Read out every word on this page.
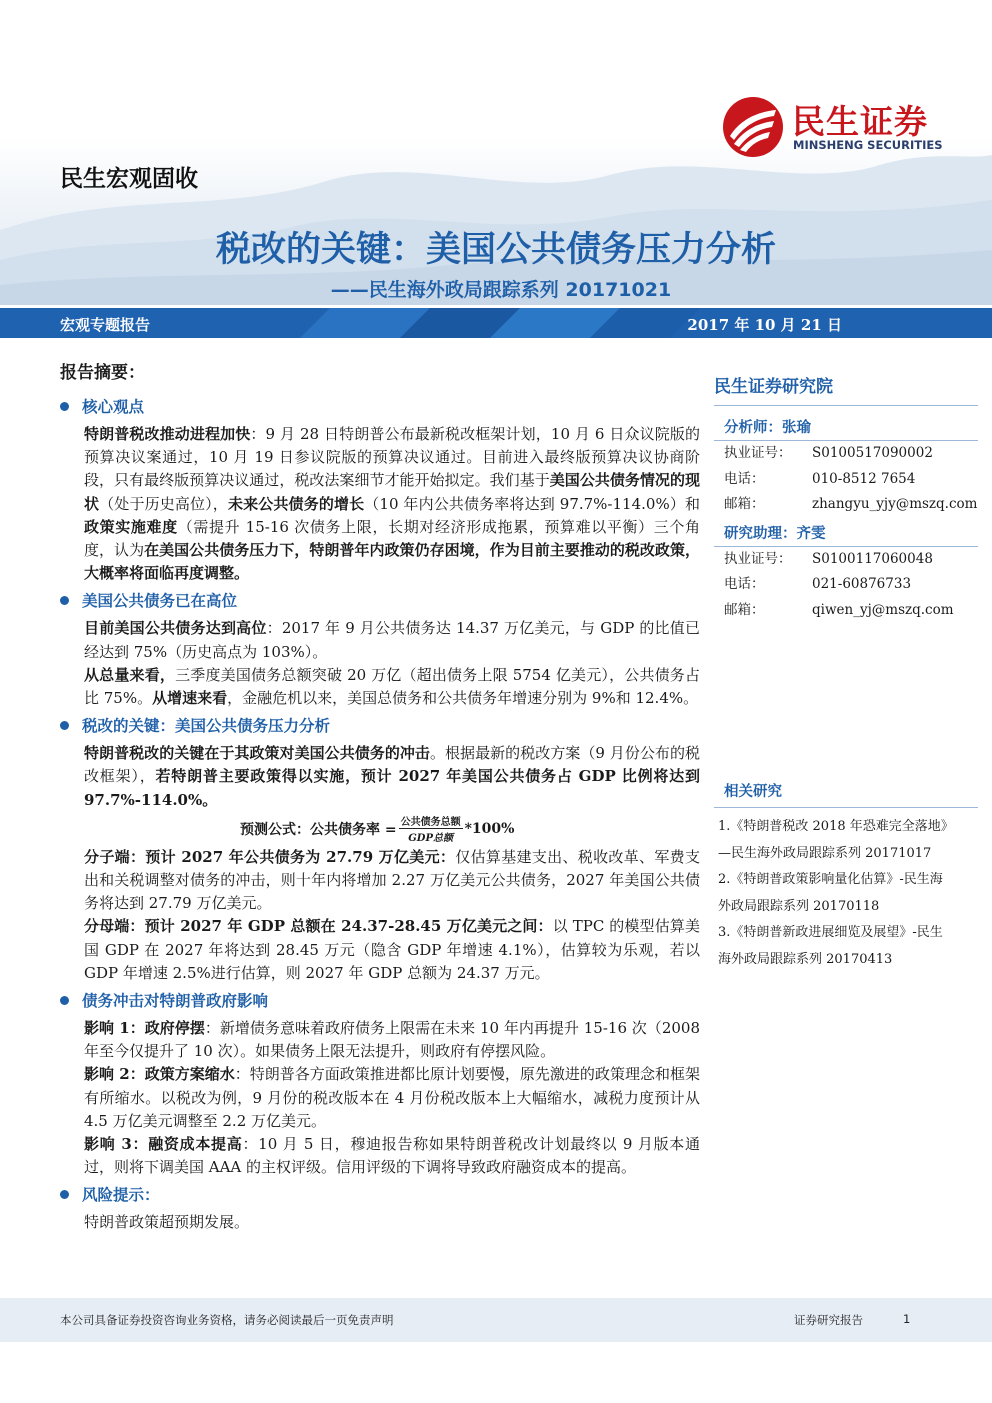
民生证券
MINSHENG SECURITIES
民生宏观固收
税改的关键：美国公共债务压力分析
——民生海外政局跟踪系列 20171021
宏观专题报告	2017 年 10 月 21 日
报告摘要：
核心观点

特朗普税改推动进程加快：9 月 28 日特朗普公布最新税改框架计划，10 月 6 日众议院版的预算决议案通过，10 月 19 日参议院版的预算决议通过。目前进入最终版预算决议协商阶段，只有最终版预算决议通过，税改法案细节才能开始拟定。我们基于美国公共债务情况的现状（处于历史高位），未来公共债务的增长（10 年内公共债务率将达到 97.7%-114.0%）和政策实施难度（需提升 15-16 次债务上限，长期对经济形成拖累，预算难以平衡）三个角度，认为在美国公共债务压力下，特朗普年内政策仍存困境，作为目前主要推动的税改政策，大概率将面临再度调整。

美国公共债务已在高位

目前美国公共债务达到高位：2017 年 9 月公共债务达 14.37 万亿美元，与 GDP 的比值已经达到 75%（历史高点为 103%）。

从总量来看，三季度美国债务总额突破 20 万亿（超出债务上限 5754 亿美元），公共债务占比 75%。从增速来看，金融危机以来，美国总债务和公共债务年增速分别为 9%和 12.4%。

税改的关键：美国公共债务压力分析

特朗普税改的关键在于其政策对美国公共债务的冲击。根据最新的税改方案（9 月份公布的税改框架），若特朗普主要政策得以实施，预计 2027 年美国公共债务占 GDP 比例将达到 97.7%-114.0%。

预测公式：公共债务率 = $\frac{\text{公共债务总额}}{\text{GDP总额}} *100\%$

分子端：预计 2027 年公共债务为 27.79 万亿美元：仅估算基建支出、税收改革、军费支出和关税调整对债务的冲击，则十年内将增加 2.27 万亿美元公共债务，2027 年美国公共债务将达到 27.79 万亿美元。

分母端：预计 2027 年 GDP 总额在 24.37-28.45 万亿美元之间：以 TPC 的模型估算美国 GDP 在 2027 年将达到 28.45 万元（隐含 GDP 年增速 4.1%），估算较为乐观，若以 GDP 年增速 2.5%进行估算，则 2027 年 GDP 总额为 24.37 万元。

债务冲击对特朗普政府影响

影响 1：政府停摆：新增债务意味着政府债务上限需在未来 10 年内再提升 15-16 次（2008 年至今仅提升了 10 次）。如果债务上限无法提升，则政府有停摆风险。

影响 2：政策方案缩水：特朗普各方面政策推进都比原计划要慢，原先激进的政策理念和框架有所缩水。以税改为例，9 月份的税改版本在 4 月份税改版本上大幅缩水，减税力度预计从 4.5 万亿美元调整至 2.2 万亿美元。

影响 3：融资成本提高：10 月 5 日，穆迪报告称如果特朗普税改计划最终以 9 月版本通过，则将下调美国 AAA 的主权评级。信用评级的下调将导致政府融资成本的提高。

风险提示：

特朗普政策超预期发展。

民生证券研究院
分析师：张瑜
执业证号：	S0100517090002
电话：	010-8512 7654
邮箱：	zhangyu_yjy@mszq.com
研究助理：齐雯
执业证号：	S0100117060048
电话：	021-60876733
邮箱：	qiwen_yj@mszq.com
相关研究
1.《特朗普税改 2018 年恐难完全落地》
—民生海外政局跟踪系列 20171017
2.《特朗普政策影响量化估算》-民生海
外政局跟踪系列 20170118
3.《特朗普新政进展细览及展望》-民生
海外政局跟踪系列 20170413
本公司具备证券投资咨询业务资格，请务必阅读最后一页免责声明	证券研究报告	1
